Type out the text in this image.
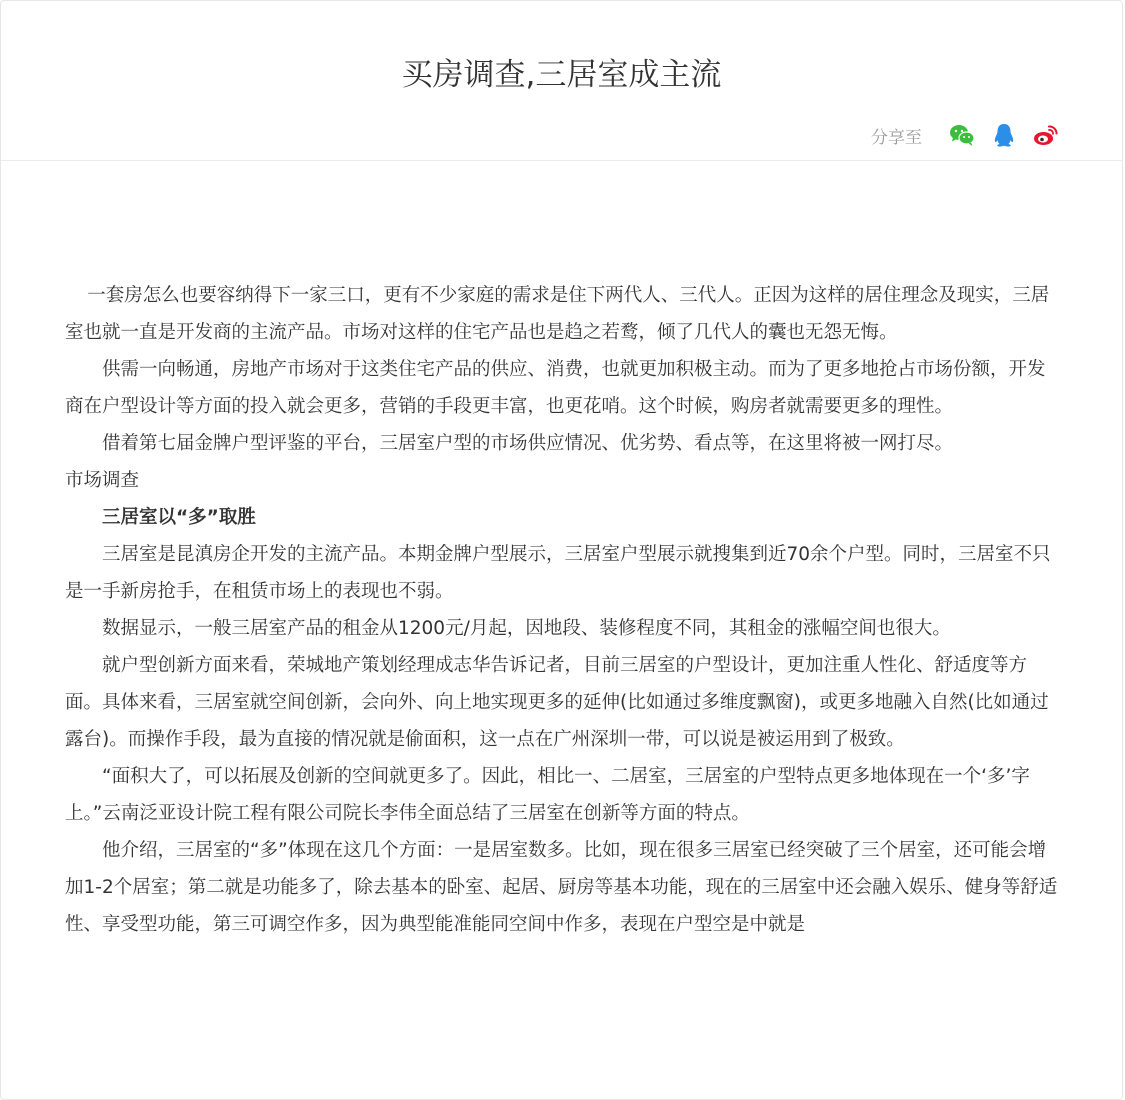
买房调查,三居室成主流
分享至

一套房怎么也要容纳得下一家三口，更有不少家庭的需求是住下两代人、三代人。正因为这样的居住理念及现实，三居室也就一直是开发商的主流产品。市场对这样的住宅产品也是趋之若鹜，倾了几代人的囊也无怨无悔。

供需一向畅通，房地产市场对于这类住宅产品的供应、消费，也就更加积极主动。而为了更多地抢占市场份额，开发商在户型设计等方面的投入就会更多，营销的手段更丰富，也更花哨。这个时候，购房者就需要更多的理性。

借着第七届金牌户型评鉴的平台，三居室户型的市场供应情况、优劣势、看点等，在这里将被一网打尽。

市场调查

三居室以“多”取胜

三居室是昆滇房企开发的主流产品。本期金牌户型展示，三居室户型展示就搜集到近70余个户型。同时，三居室不只是一手新房抢手，在租赁市场上的表现也不弱。

数据显示，一般三居室产品的租金从1200元/月起，因地段、装修程度不同，其租金的涨幅空间也很大。

就户型创新方面来看，荣城地产策划经理成志华告诉记者，目前三居室的户型设计，更加注重人性化、舒适度等方面。具体来看，三居室就空间创新，会向外、向上地实现更多的延伸(比如通过多维度飘窗)，或更多地融入自然(比如通过露台)。而操作手段，最为直接的情况就是偷面积，这一点在广州深圳一带，可以说是被运用到了极致。

“面积大了，可以拓展及创新的空间就更多了。因此，相比一、二居室，三居室的户型特点更多地体现在一个‘多’字上。”云南泛亚设计院工程有限公司院长李伟全面总结了三居室在创新等方面的特点。

他介绍，三居室的“多”体现在这几个方面：一是居室数多。比如，现在很多三居室已经突破了三个居室，还可能会增加1-2个居室；第二就是功能多了，除去基本的卧室、起居、厨房等基本功能，现在的三居室中还会融入娱乐、健身等舒适性、享受型功能，第三可调空作多，因为典型能准能同空间中作多，表现在户型空是中就是
